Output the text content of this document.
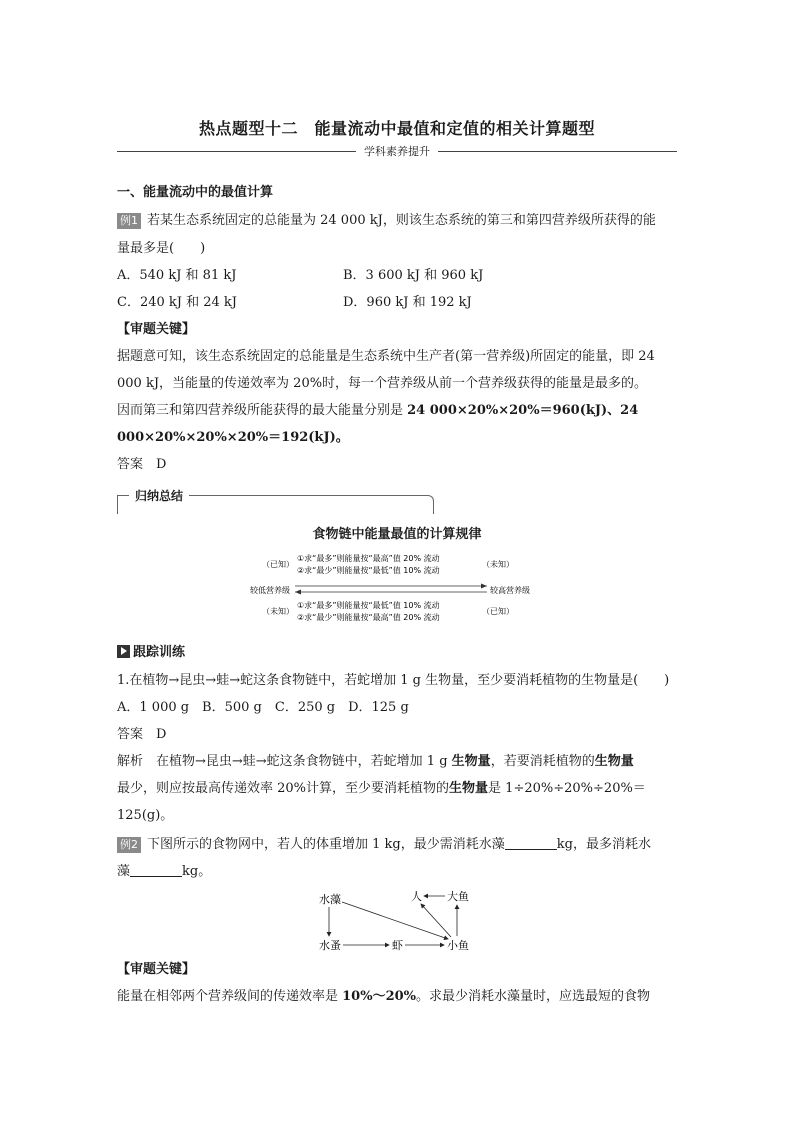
热点题型十二　能量流动中最值和定值的相关计算题型
学科素养提升
一、能量流动中的最值计算
例1 若某生态系统固定的总能量为 24 000 kJ，则该生态系统的第三和第四营养级所获得的能
量最多是(　　)
A．540 kJ 和 81 kJ	B．3 600 kJ 和 960 kJ
C．240 kJ 和 24 kJ	D．960 kJ 和 192 kJ
【审题关键】
据题意可知，该生态系统固定的总能量是生态系统中生产者(第一营养级)所固定的能量，即 24
000 kJ，当能量的传递效率为 20%时，每一个营养级从前一个营养级获得的能量是最多的。
因而第三和第四营养级所能获得的最大能量分别是 24 000×20%×20%＝960(kJ)、24
000×20%×20%×20%＝192(kJ)。
答案　D
归纳总结
食物链中能量最值的计算规律
（已知）
①求“最多”则能量按“最高”值 20% 流动
②求“最少”则能量按“最低”值 10% 流动
（未知）
较低营养级	较高营养级
（未知）
①求“最多”则能量按“最低”值 10% 流动
②求“最少”则能量按“最高”值 20% 流动
（已知）
跟踪训练
1.在植物→昆虫→蛙→蛇这条食物链中，若蛇增加 1 g 生物量，至少要消耗植物的生物量是(　　)
A．1 000 g　B．500 g　C．250 g　D．125 g
答案　D
解析　在植物→昆虫→蛙→蛇这条食物链中，若蛇增加 1 g 生物量，若要消耗植物的生物量
最少，则应按最高传递效率 20%计算，至少要消耗植物的生物量是 1÷20%÷20%÷20%＝
125(g)。
例2 下图所示的食物网中，若人的体重增加 1 kg，最少需消耗水藻	kg，最多消耗水
藻	kg。
水藻	人 大鱼
水蚤	虾	小鱼
【审题关键】
能量在相邻两个营养级间的传递效率是 10%～20%。求最少消耗水藻量时，应选最短的食物
